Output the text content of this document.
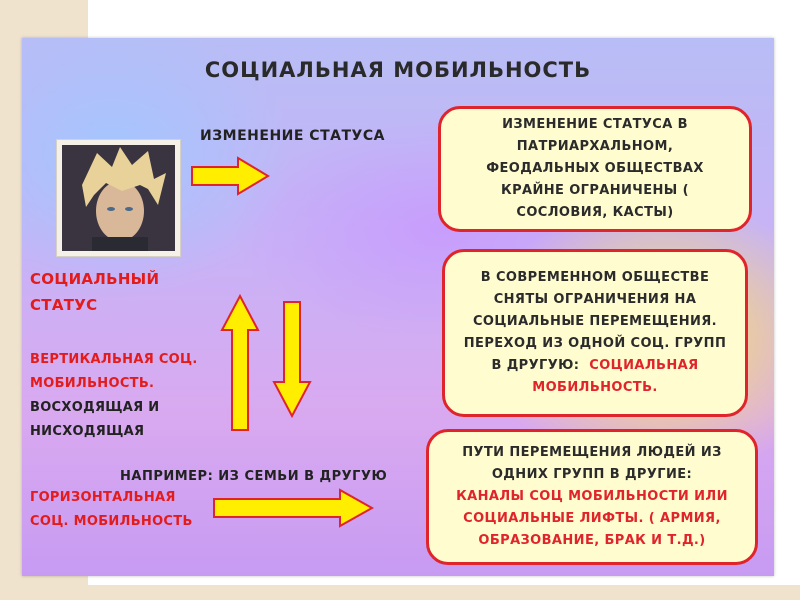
СОЦИАЛЬНАЯ МОБИЛЬНОСТЬ
ИЗМЕНЕНИЕ СТАТУСА
СОЦИАЛЬНЫЙ
СТАТУС
ВЕРТИКАЛЬНАЯ СОЦ.
МОБИЛЬНОСТЬ.
ВОСХОДЯЩАЯ И
НИСХОДЯЩАЯ
НАПРИМЕР: ИЗ СЕМЬИ В ДРУГУЮ
ГОРИЗОНТАЛЬНАЯ
СОЦ. МОБИЛЬНОСТЬ
ИЗМЕНЕНИЕ СТАТУСА В
ПАТРИАРХАЛЬНОМ,
ФЕОДАЛЬНЫХ ОБЩЕСТВАХ
КРАЙНЕ ОГРАНИЧЕНЫ (
СОСЛОВИЯ, КАСТЫ)
В СОВРЕМЕННОМ ОБЩЕСТВЕ
СНЯТЫ ОГРАНИЧЕНИЯ НА
СОЦИАЛЬНЫЕ ПЕРЕМЕЩЕНИЯ.
ПЕРЕХОД ИЗ ОДНОЙ СОЦ. ГРУПП
В ДРУГУЮ:  СОЦИАЛЬНАЯ
МОБИЛЬНОСТЬ.
ПУТИ ПЕРЕМЕЩЕНИЯ ЛЮДЕЙ ИЗ
ОДНИХ ГРУПП В ДРУГИЕ:
КАНАЛЫ СОЦ МОБИЛЬНОСТИ ИЛИ
СОЦИАЛЬНЫЕ ЛИФТЫ. ( АРМИЯ,
ОБРАЗОВАНИЕ, БРАК И Т.Д.)
